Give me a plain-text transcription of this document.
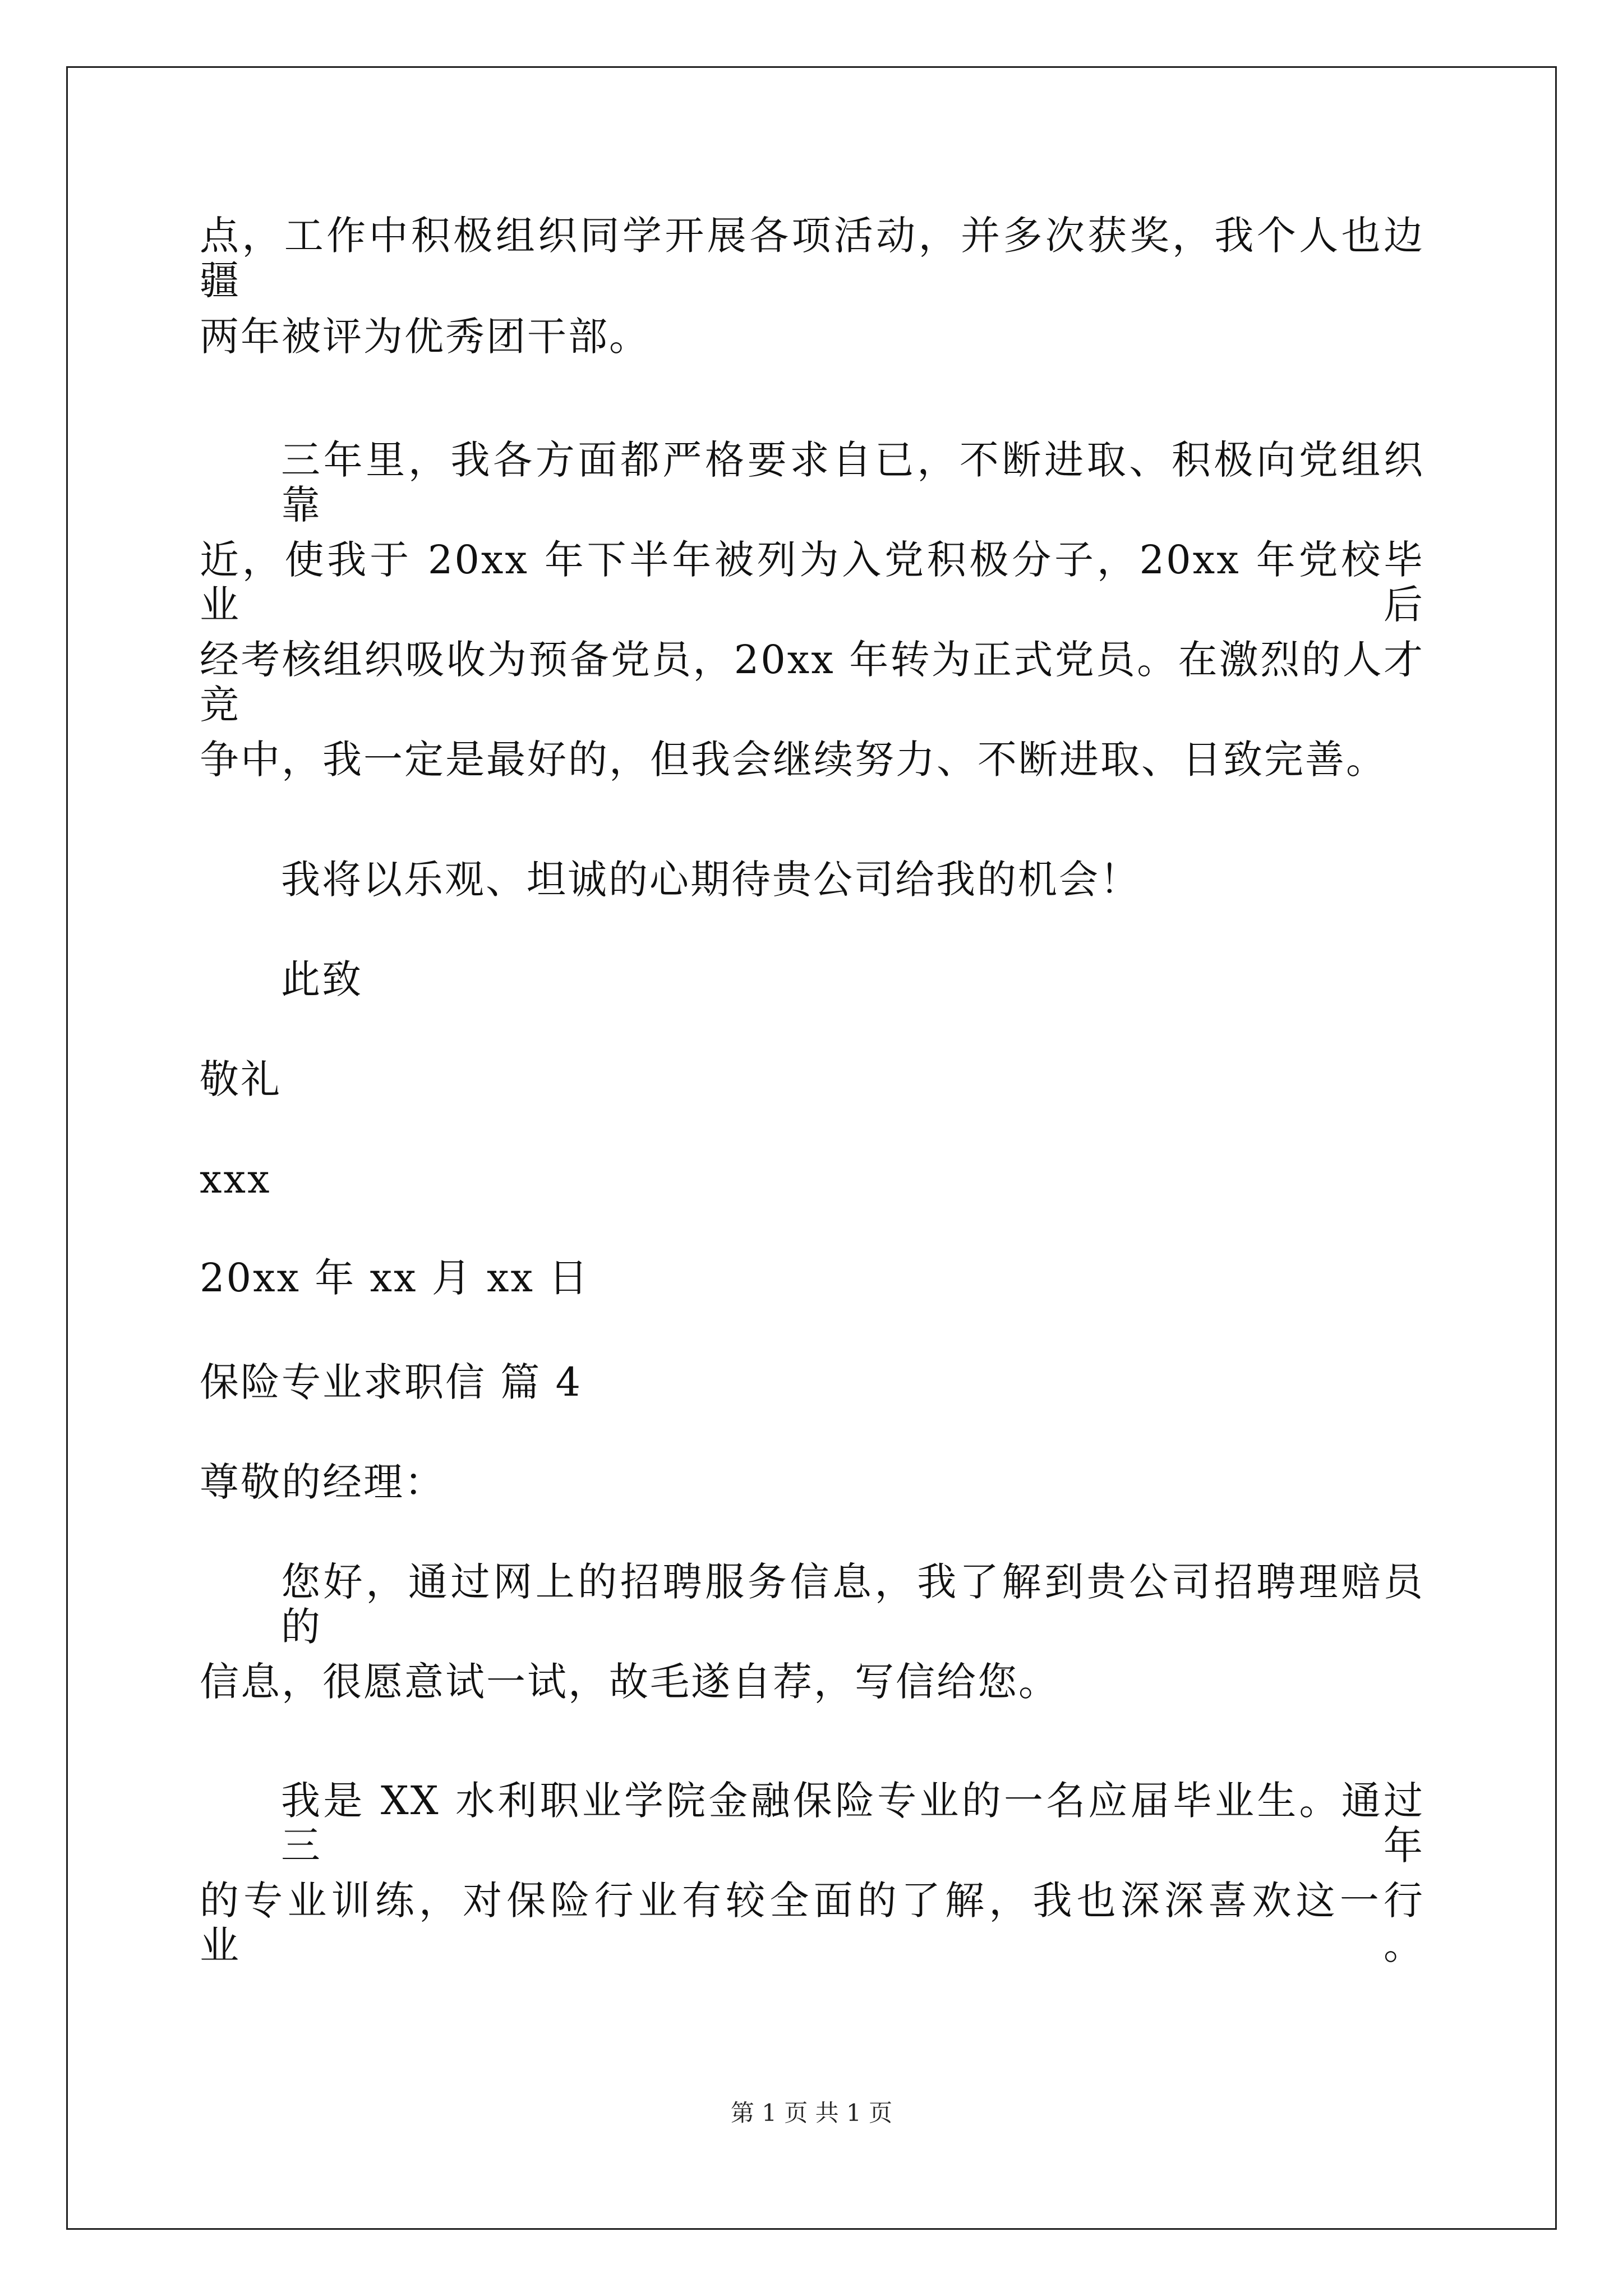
点，工作中积极组织同学开展各项活动，并多次获奖，我个人也边疆

两年被评为优秀团干部。

三年里，我各方面都严格要求自已，不断进取、积极向党组织靠

近，使我于 20xx 年下半年被列为入党积极分子，20xx 年党校毕业后

经考核组织吸收为预备党员，20xx 年转为正式党员。在激烈的人才竞

争中，我一定是最好的，但我会继续努力、不断进取、日致完善。

我将以乐观、坦诚的心期待贵公司给我的机会！

此致

敬礼

xxx

20xx 年 xx 月 xx 日

保险专业求职信 篇 4

尊敬的经理：

您好，通过网上的招聘服务信息，我了解到贵公司招聘理赔员的

信息，很愿意试一试，故毛遂自荐，写信给您。

我是 XX 水利职业学院金融保险专业的一名应届毕业生。通过三年

的专业训练，对保险行业有较全面的了解，我也深深喜欢这一行业。

第 1 页 共 1 页
